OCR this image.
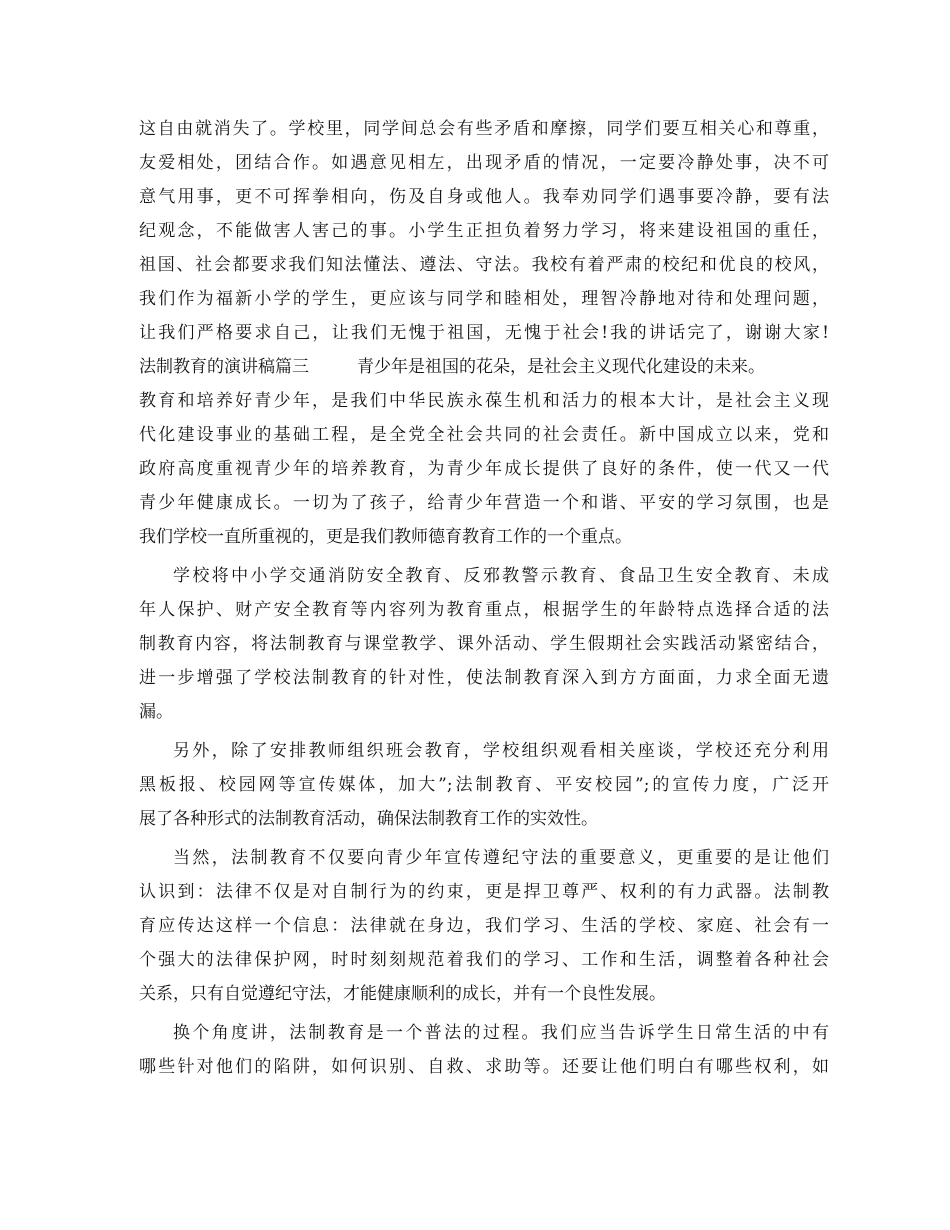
这自由就消失了。学校里，同学间总会有些矛盾和摩擦，同学们要互相关心和尊重，
友爱相处，团结合作。如遇意见相左，出现矛盾的情况，一定要冷静处事，决不可
意气用事，更不可挥拳相向，伤及自身或他人。我奉劝同学们遇事要冷静，要有法
纪观念，不能做害人害己的事。小学生正担负着努力学习，将来建设祖国的重任，
祖国、社会都要求我们知法懂法、遵法、守法。我校有着严肃的校纪和优良的校风，
我们作为福新小学的学生，更应该与同学和睦相处，理智冷静地对待和处理问题，
让我们严格要求自己，让我们无愧于祖国，无愧于社会!我的讲话完了，谢谢大家!
法制教育的演讲稿篇三	青少年是祖国的花朵，是社会主义现代化建设的未来。
教育和培养好青少年，是我们中华民族永葆生机和活力的根本大计，是社会主义现
代化建设事业的基础工程，是全党全社会共同的社会责任。新中国成立以来，党和
政府高度重视青少年的培养教育，为青少年成长提供了良好的条件，使一代又一代
青少年健康成长。一切为了孩子，给青少年营造一个和谐、平安的学习氛围，也是
我们学校一直所重视的，更是我们教师德育教育工作的一个重点。
学校将中小学交通消防安全教育、反邪教警示教育、食品卫生安全教育、未成
年人保护、财产安全教育等内容列为教育重点，根据学生的年龄特点选择合适的法
制教育内容，将法制教育与课堂教学、课外活动、学生假期社会实践活动紧密结合，
进一步增强了学校法制教育的针对性，使法制教育深入到方方面面，力求全面无遗
漏。
另外，除了安排教师组织班会教育，学校组织观看相关座谈，学校还充分利用
黑板报、校园网等宣传媒体，加大”;法制教育、平安校园”;的宣传力度，广泛开
展了各种形式的法制教育活动，确保法制教育工作的实效性。
当然，法制教育不仅要向青少年宣传遵纪守法的重要意义，更重要的是让他们
认识到：法律不仅是对自制行为的约束，更是捍卫尊严、权利的有力武器。法制教
育应传达这样一个信息：法律就在身边，我们学习、生活的学校、家庭、社会有一
个强大的法律保护网，时时刻刻规范着我们的学习、工作和生活，调整着各种社会
关系，只有自觉遵纪守法，才能健康顺利的成长，并有一个良性发展。
换个角度讲，法制教育是一个普法的过程。我们应当告诉学生日常生活的中有
哪些针对他们的陷阱，如何识别、自救、求助等。还要让他们明白有哪些权利，如
